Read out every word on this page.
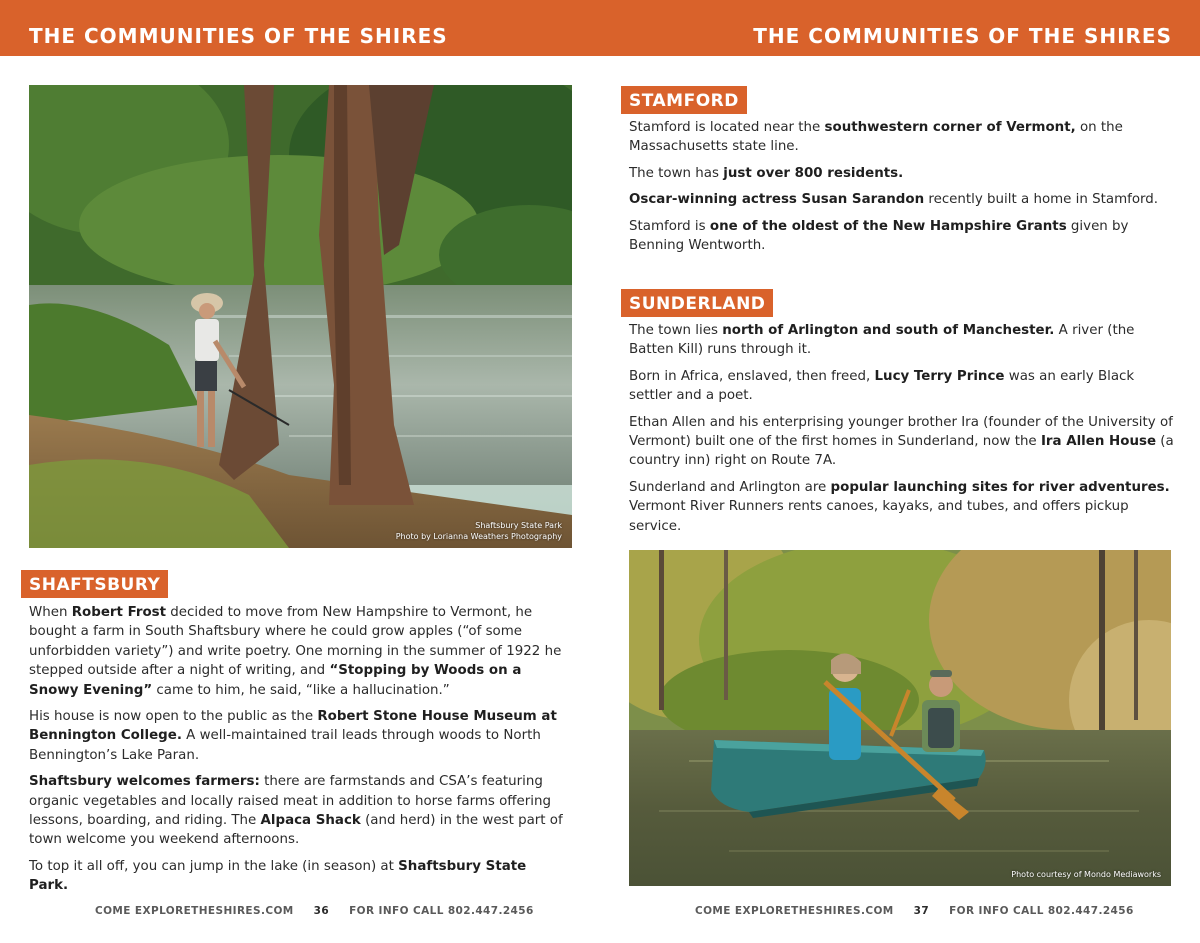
THE COMMUNITIES OF THE SHIRES	THE COMMUNITIES OF THE SHIRES
Shaftsbury State Park
Photo by Lorianna Weathers Photography
SHAFTSBURY

When Robert Frost decided to move from New Hampshire to Vermont, he bought a farm in South Shaftsbury where he could grow apples (“of some unforbidden variety”) and write poetry. One morning in the summer of 1922 he stepped outside after a night of writing, and “Stopping by Woods on a Snowy Evening” came to him, he said, “like a hallucination.”

His house is now open to the public as the Robert Stone House Museum at Bennington College. A well-maintained trail leads through woods to North Bennington’s Lake Paran.

Shaftsbury welcomes farmers: there are farmstands and CSA’s featuring organic vegetables and locally raised meat in addition to horse farms offering lessons, boarding, and riding. The Alpaca Shack (and herd) in the west part of town welcome you weekend afternoons.

To top it all off, you can jump in the lake (in season) at Shaftsbury State Park.

STAMFORD

Stamford is located near the southwestern corner of Vermont, on the Massachusetts state line.

The town has just over 800 residents.

Oscar-winning actress Susan Sarandon recently built a home in Stamford.

Stamford is one of the oldest of the New Hampshire Grants given by Benning Wentworth.

SUNDERLAND

The town lies north of Arlington and south of Manchester. A river (the Batten Kill) runs through it.

Born in Africa, enslaved, then freed, Lucy Terry Prince was an early Black settler and a poet.

Ethan Allen and his enterprising younger brother Ira (founder of the University of Vermont) built one of the first homes in Sunderland, now the Ira Allen House (a country inn) right on Route 7A.

Sunderland and Arlington are popular launching sites for river adventures. Vermont River Runners rents canoes, kayaks, and tubes, and offers pickup service.

Photo courtesy of Mondo Mediaworks
COME EXPLORETHESHIRES.COM 36 FOR INFO CALL 802.447.2456	COME EXPLORETHESHIRES.COM 37 FOR INFO CALL 802.447.2456
